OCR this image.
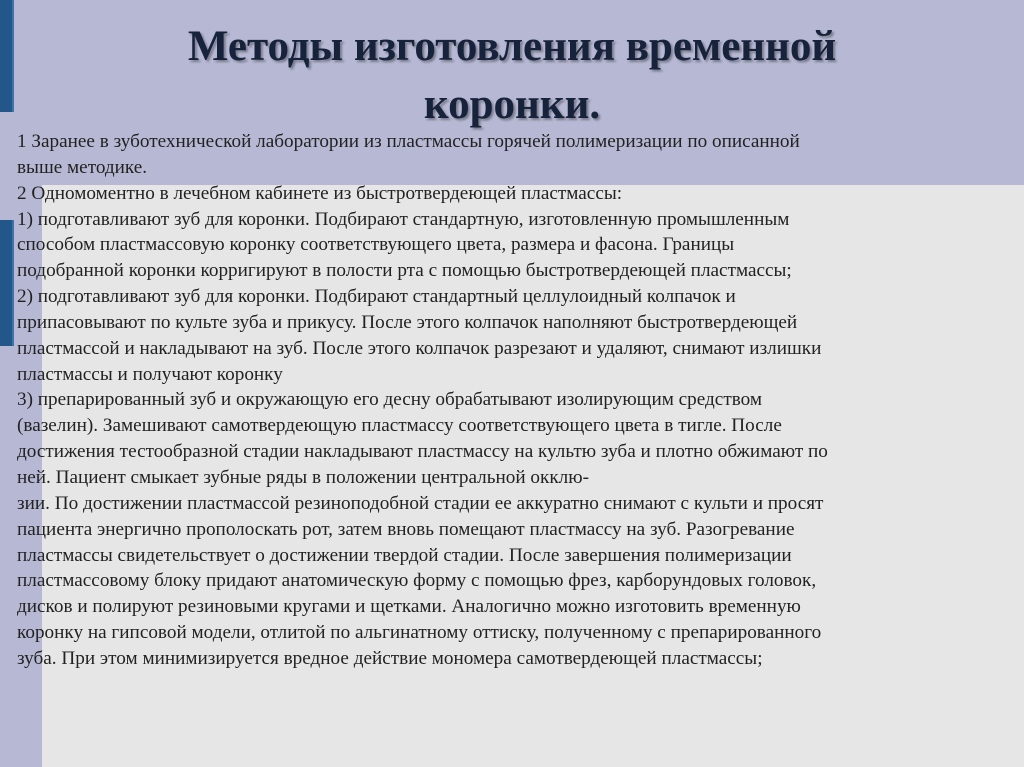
Методы изготовления временной
коронки.
1 Заранее в зуботехнической лаборатории из пластмассы горячей полимеризации по описанной
выше методике.
2 Одномоментно в лечебном кабинете из быстротвердеющей пластмассы:
1) подготавливают зуб для коронки. Подбирают стандартную, изготовленную промышленным
способом пластмассовую коронку соответствующего цвета, размера и фасона. Границы
подобранной коронки корригируют в полости рта с помощью быстротвердеющей пластмассы;
2) подготавливают зуб для коронки. Подбирают стандартный целлулоидный колпачок и
припасовывают по культе зуба и прикусу. После этого колпачок наполняют быстротвердеющей
пластмассой и накладывают на зуб. После этого колпачок разрезают и удаляют, снимают излишки
пластмассы и получают коронку
3) препарированный зуб и окружающую его десну обрабатывают изолирующим средством
(вазелин). Замешивают самотвердеющую пластмассу соответствующего цвета в тигле. После
достижения тестообразной стадии накладывают пластмассу на культю зуба и плотно обжимают по
ней. Пациент смыкает зубные ряды в положении центральной окклю-
зии. По достижении пластмассой резиноподобной стадии ее аккуратно снимают с культи и просят
пациента энергично прополоскать рот, затем вновь помещают пластмассу на зуб. Разогревание
пластмассы свидетельствует о достижении твердой стадии. После завершения полимеризации
пластмассовому блоку придают анатомическую форму с помощью фрез, карборундовых головок,
дисков и полируют резиновыми кругами и щетками. Аналогично можно изготовить временную
коронку на гипсовой модели, отлитой по альгинатному оттиску, полученному с препарированного
зуба. При этом минимизируется вредное действие мономера самотвердеющей пластмассы;
